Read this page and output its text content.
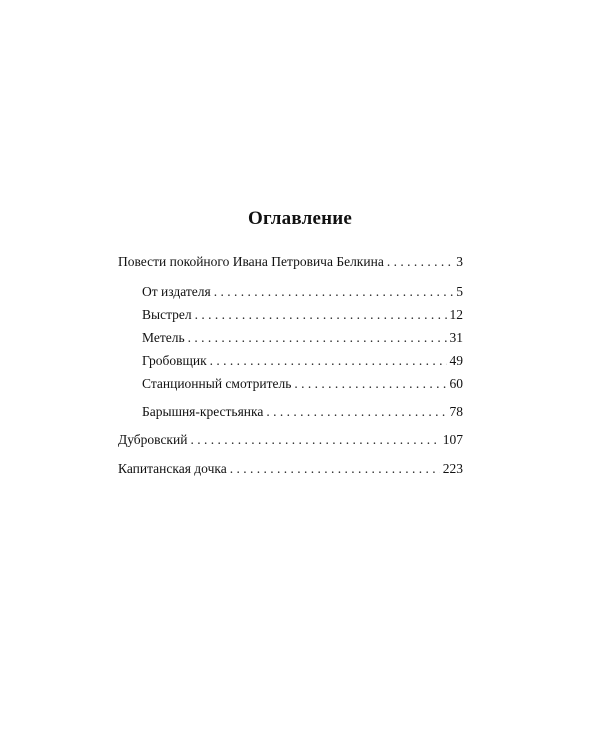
Оглавление
Повести покойного Ивана Петровича Белкина . . .	3
От издателя . . .	5
Выстрел . . .	12
Метель . . .	31
Гробовщик . . .	49
Станционный смотритель . . .	60
Барышня-крестьянка . . .	78
Дубровский . . .	107
Капитанская дочка . . .	223
